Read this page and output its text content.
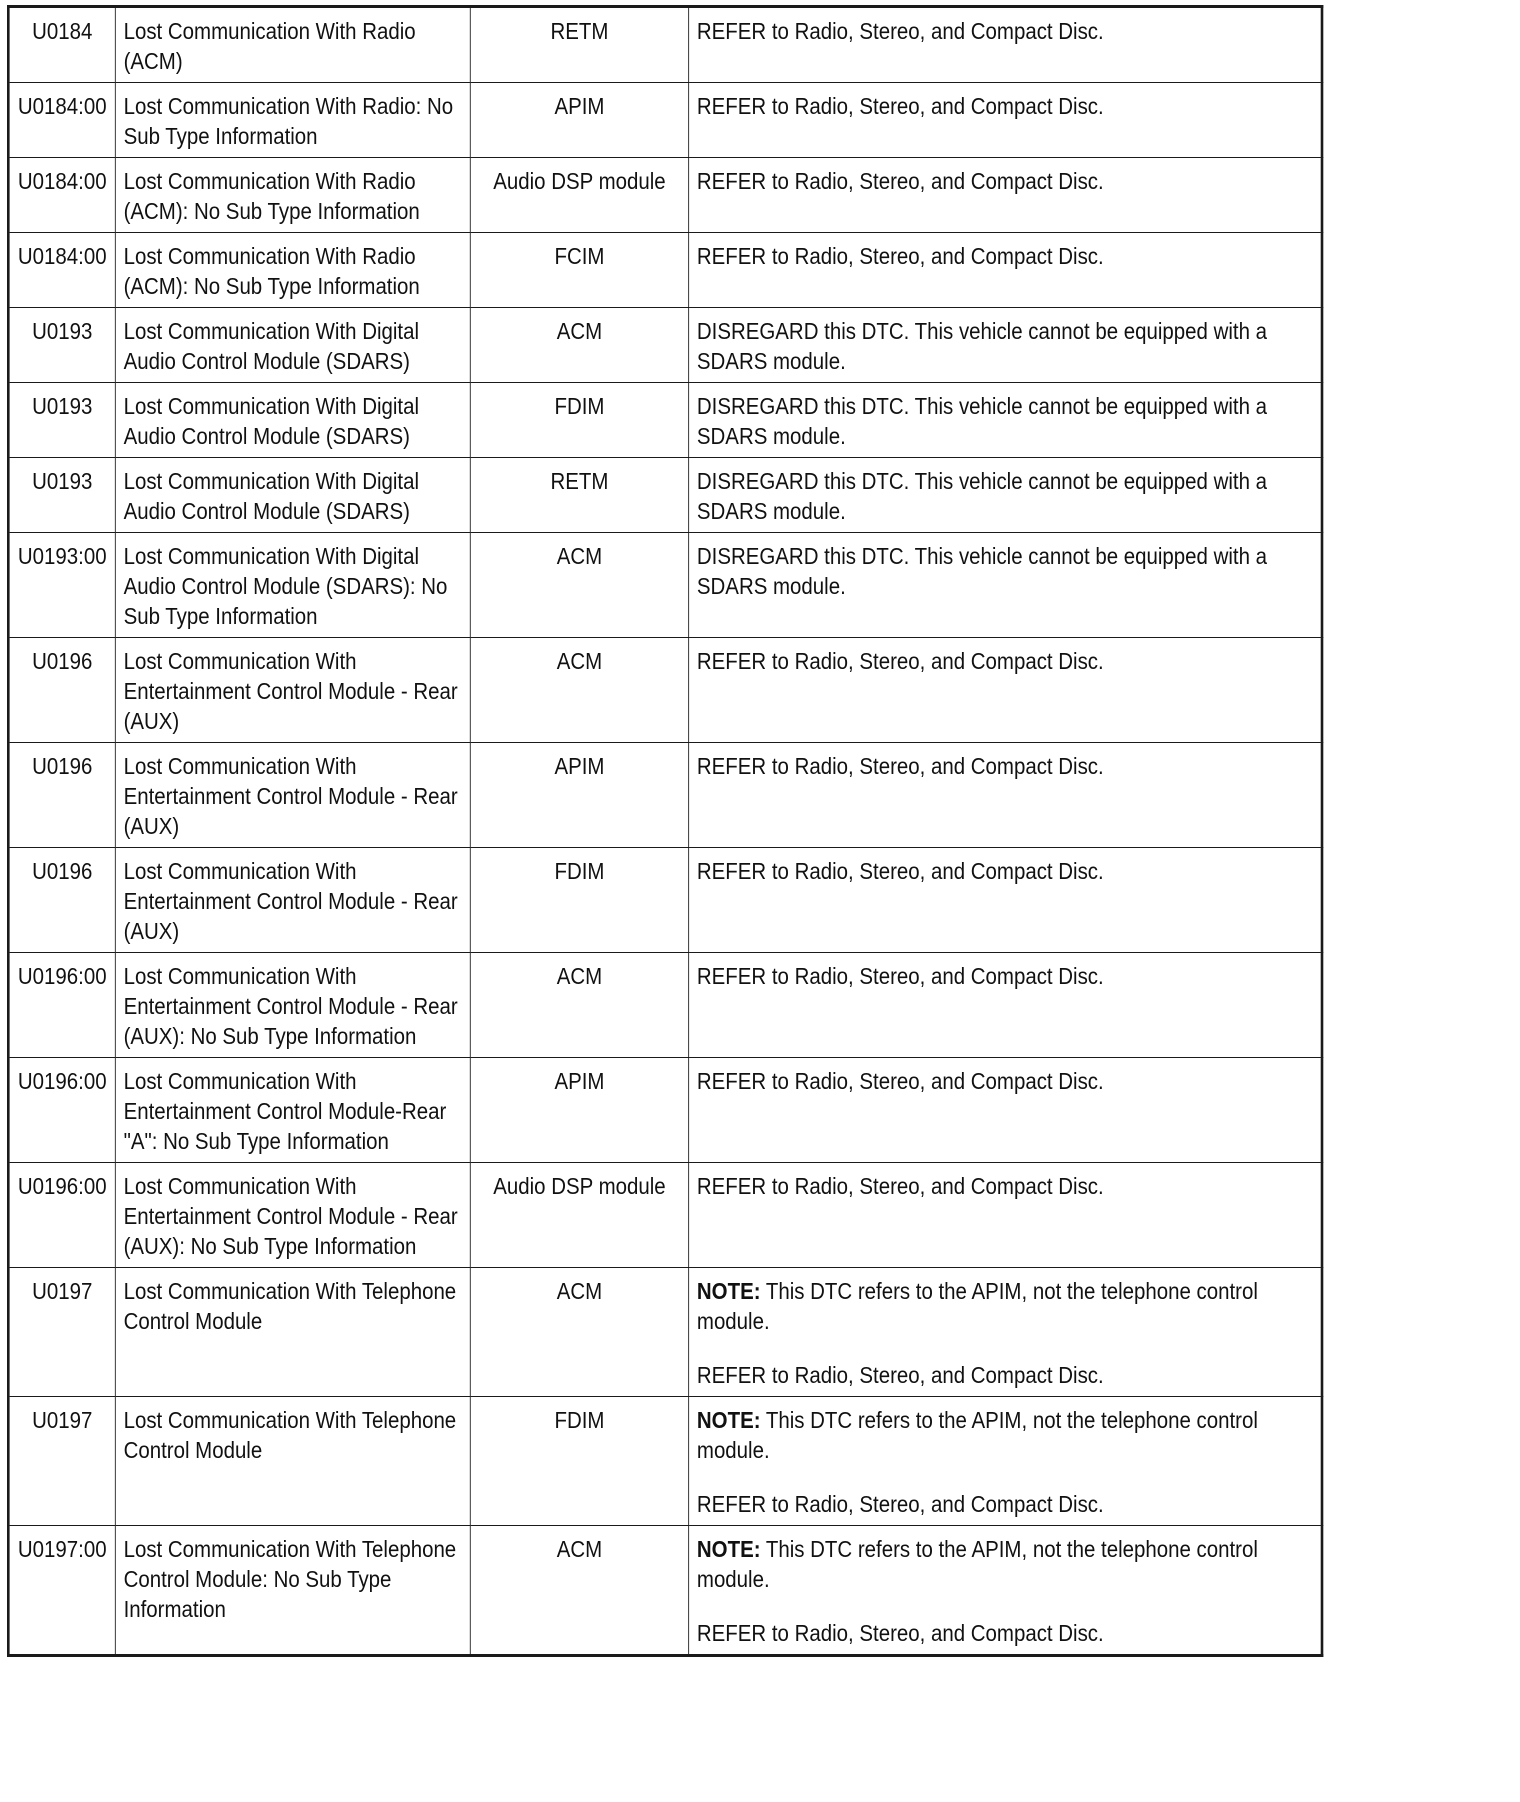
U0184	Lost Communication With Radio (ACM)	RETM	REFER to Radio, Stereo, and Compact Disc.

U0184:00	Lost Communication With Radio: No Sub Type Information	APIM	REFER to Radio, Stereo, and Compact Disc.

U0184:00	Lost Communication With Radio (ACM): No Sub Type Information	Audio DSP module	REFER to Radio, Stereo, and Compact Disc.

U0184:00	Lost Communication With Radio (ACM): No Sub Type Information	FCIM	REFER to Radio, Stereo, and Compact Disc.

U0193	Lost Communication With Digital Audio Control Module (SDARS)	ACM	DISREGARD this DTC. This vehicle cannot be equipped with a SDARS module.

U0193	Lost Communication With Digital Audio Control Module (SDARS)	FDIM	DISREGARD this DTC. This vehicle cannot be equipped with a SDARS module.

U0193	Lost Communication With Digital Audio Control Module (SDARS)	RETM	DISREGARD this DTC. This vehicle cannot be equipped with a SDARS module.

U0193:00	Lost Communication With Digital Audio Control Module (SDARS): No Sub Type Information	ACM	DISREGARD this DTC. This vehicle cannot be equipped with a SDARS module.

U0196	Lost Communication With Entertainment Control Module - Rear (AUX)	ACM	REFER to Radio, Stereo, and Compact Disc.

U0196	Lost Communication With Entertainment Control Module - Rear (AUX)	APIM	REFER to Radio, Stereo, and Compact Disc.

U0196	Lost Communication With Entertainment Control Module - Rear (AUX)	FDIM	REFER to Radio, Stereo, and Compact Disc.

U0196:00	Lost Communication With Entertainment Control Module - Rear (AUX): No Sub Type Information	ACM	REFER to Radio, Stereo, and Compact Disc.

U0196:00	Lost Communication With Entertainment Control Module-Rear "A": No Sub Type Information	APIM	REFER to Radio, Stereo, and Compact Disc.

U0196:00	Lost Communication With Entertainment Control Module - Rear (AUX): No Sub Type Information	Audio DSP module	REFER to Radio, Stereo, and Compact Disc.

U0197	Lost Communication With Telephone Control Module	ACM	NOTE: This DTC refers to the APIM, not the telephone control module.

REFER to Radio, Stereo, and Compact Disc.

U0197	Lost Communication With Telephone Control Module	FDIM	NOTE: This DTC refers to the APIM, not the telephone control module.

REFER to Radio, Stereo, and Compact Disc.

U0197:00	Lost Communication With Telephone Control Module: No Sub Type Information	ACM	NOTE: This DTC refers to the APIM, not the telephone control module.

REFER to Radio, Stereo, and Compact Disc.
